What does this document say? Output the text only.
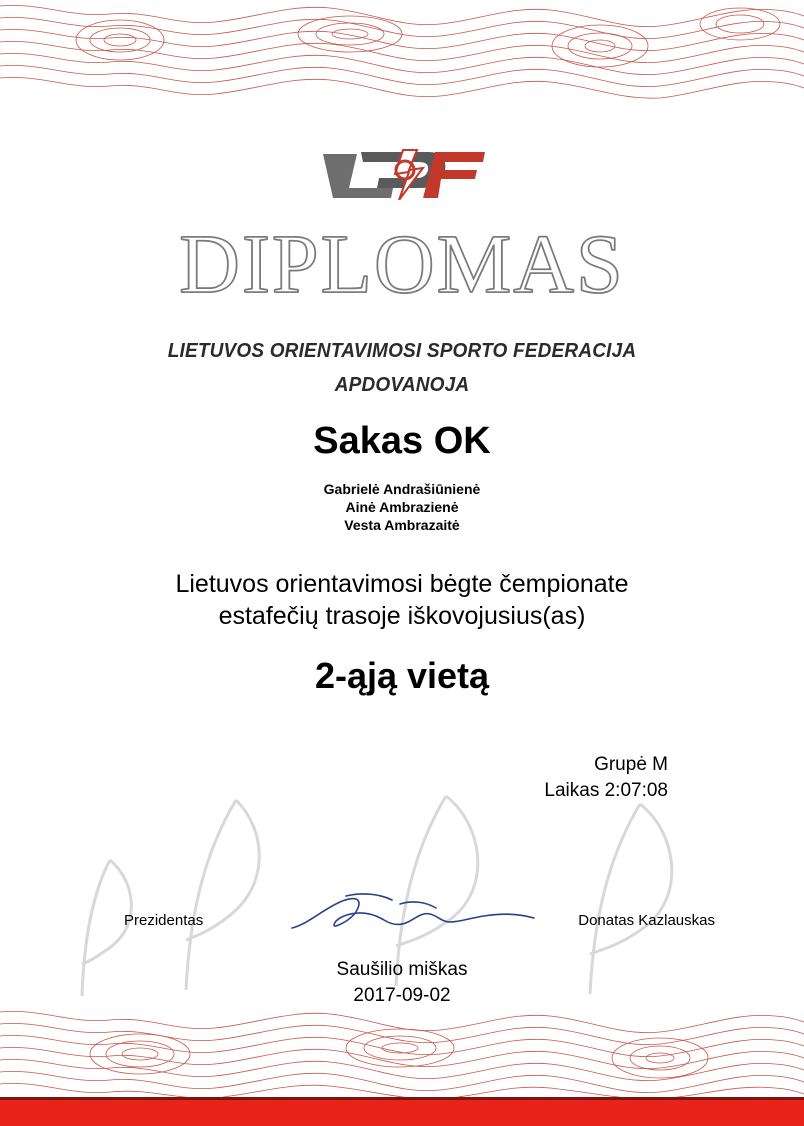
DIPLOMAS
LIETUVOS ORIENTAVIMOSI SPORTO FEDERACIJA
APDOVANOJA
Sakas OK
Gabrielė Andrašiūnienė
Ainė Ambrazienė
Vesta Ambrazaitė
Lietuvos orientavimosi bėgte čempionate
estafečių trasoje iškovojusius(as)
2-ąją vietą
Grupė M
Laikas 2:07:08
Prezidentas	Donatas Kazlauskas
Saušilio miškas
2017-09-02
